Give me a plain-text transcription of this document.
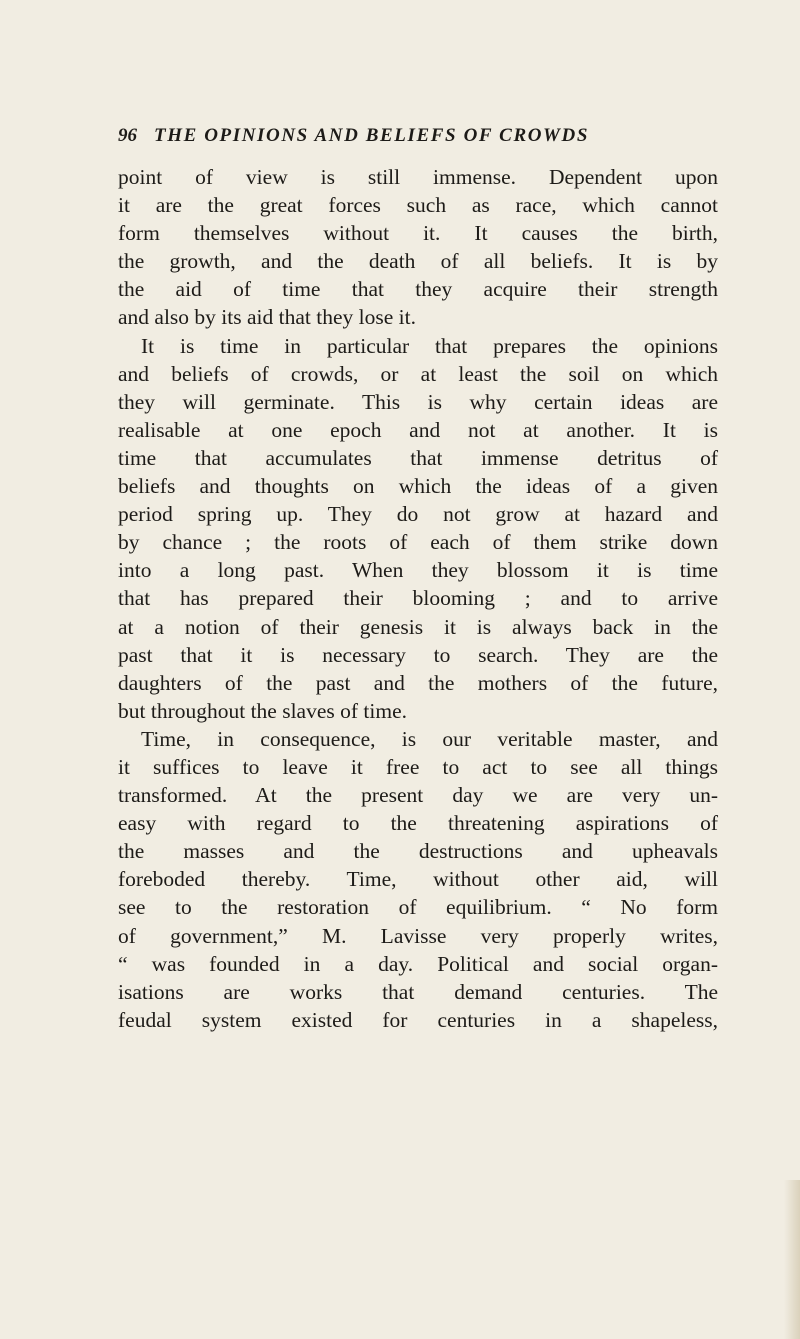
96 THE OPINIONS AND BELIEFS OF CROWDS
point of view is still immense. Dependent upon
it are the great forces such as race, which cannot
form themselves without it. It causes the birth,
the growth, and the death of all beliefs. It is by
the aid of time that they acquire their strength
and also by its aid that they lose it.
It is time in particular that prepares the opinions
and beliefs of crowds, or at least the soil on which
they will germinate. This is why certain ideas are
realisable at one epoch and not at another. It is
time that accumulates that immense detritus of
beliefs and thoughts on which the ideas of a given
period spring up. They do not grow at hazard and
by chance ; the roots of each of them strike down
into a long past. When they blossom it is time
that has prepared their blooming ; and to arrive
at a notion of their genesis it is always back in the
past that it is necessary to search. They are the
daughters of the past and the mothers of the future,
but throughout the slaves of time.
Time, in consequence, is our veritable master, and
it suffices to leave it free to act to see all things
transformed. At the present day we are very un-
easy with regard to the threatening aspirations of
the masses and the destructions and upheavals
foreboded thereby. Time, without other aid, will
see to the restoration of equilibrium. “ No form
of government,” M. Lavisse very properly writes,
“ was founded in a day. Political and social organ-
isations are works that demand centuries. The
feudal system existed for centuries in a shapeless,
